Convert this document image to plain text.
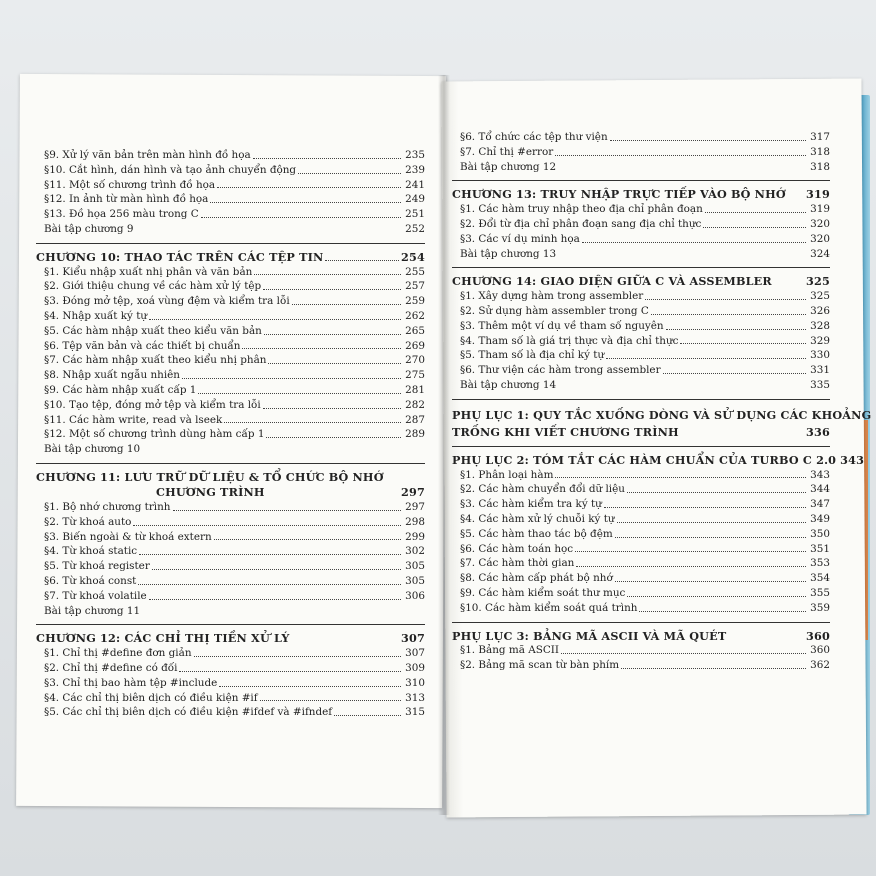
§9. Xử lý văn bản trên màn hình đồ họa	235
§10. Cắt hình, dán hình và tạo ảnh chuyển động	239
§11. Một số chương trình đồ họa	241
§12. In ảnh từ màn hình đồ họa	249
§13. Đồ họa 256 màu trong C	251
Bài tập chương 9	252
CHƯƠNG 10: THAO TÁC TRÊN CÁC TỆP TIN	254
§1. Kiểu nhập xuất nhị phân và văn bản	255
§2. Giới thiệu chung về các hàm xử lý tệp	257
§3. Đóng mở tệp, xoá vùng đệm và kiểm tra lỗi	259
§4. Nhập xuất ký tự	262
§5. Các hàm nhập xuất theo kiểu văn bản	265
§6. Tệp văn bản và các thiết bị chuẩn	269
§7. Các hàm nhập xuất theo kiểu nhị phân	270
§8. Nhập xuất ngẫu nhiên	275
§9. Các hàm nhập xuất cấp 1	281
§10. Tạo tệp, đóng mở tệp và kiểm tra lỗi	282
§11. Các hàm write, read và lseek	287
§12. Một số chương trình dùng hàm cấp 1	289
Bài tập chương 10
CHƯƠNG 11: LƯU TRỮ DỮ LIỆU & TỔ CHỨC BỘ NHỚ
CHƯƠNG TRÌNH	297
§1. Bộ nhớ chương trình	297
§2. Từ khoá auto	298
§3. Biến ngoài & từ khoá extern	299
§4. Từ khoá static	302
§5. Từ khoá register	305
§6. Từ khoá const	305
§7. Từ khoá volatile	306
Bài tập chương 11
CHƯƠNG 12: CÁC CHỈ THỊ TIỀN XỬ LÝ	307
§1. Chỉ thị #define đơn giản	307
§2. Chỉ thị #define có đối	309
§3. Chỉ thị bao hàm tệp #include	310
§4. Các chỉ thị biên dịch có điều kiện #if	313
§5. Các chỉ thị biên dịch có điều kiện #ifdef và #ifndef	315
§6. Tổ chức các tệp thư viện	317
§7. Chỉ thị #error	318
Bài tập chương 12	318
CHƯƠNG 13: TRUY NHẬP TRỰC TIẾP VÀO BỘ NHỚ 319
§1. Các hàm truy nhập theo địa chỉ phân đoạn	319
§2. Đổi từ địa chỉ phân đoạn sang địa chỉ thực	320
§3. Các ví dụ minh họa	320
Bài tập chương 13	324
CHƯƠNG 14: GIAO DIỆN GIỮA C VÀ ASSEMBLER	325
§1. Xây dựng hàm trong assembler	325
§2. Sử dụng hàm assembler trong C	326
§3. Thêm một ví dụ về tham số nguyên	328
§4. Tham số là giá trị thực và địa chỉ thực	329
§5. Tham số là địa chỉ ký tự	330
§6. Thư viện các hàm trong assembler	331
Bài tập chương 14	335
PHỤ LỤC 1: QUY TẮC XUỐNG DÒNG VÀ SỬ DỤNG CÁC KHOẢNG
TRỐNG KHI VIẾT CHƯƠNG TRÌNH	336
PHỤ LỤC 2: TÓM TẮT CÁC HÀM CHUẨN CỦA TURBO C 2.0 343
§1. Phân loại hàm	343
§2. Các hàm chuyển đổi dữ liệu	344
§3. Các hàm kiểm tra ký tự	347
§4. Các hàm xử lý chuỗi ký tự	349
§5. Các hàm thao tác bộ đệm	350
§6. Các hàm toán học	351
§7. Các hàm thời gian	353
§8. Các hàm cấp phát bộ nhớ	354
§9. Các hàm kiểm soát thư mục	355
§10. Các hàm kiểm soát quá trình	359
PHỤ LỤC 3: BẢNG MÃ ASCII VÀ MÃ QUÉT	360
§1. Bảng mã ASCII	360
§2. Bảng mã scan từ bàn phím	362
